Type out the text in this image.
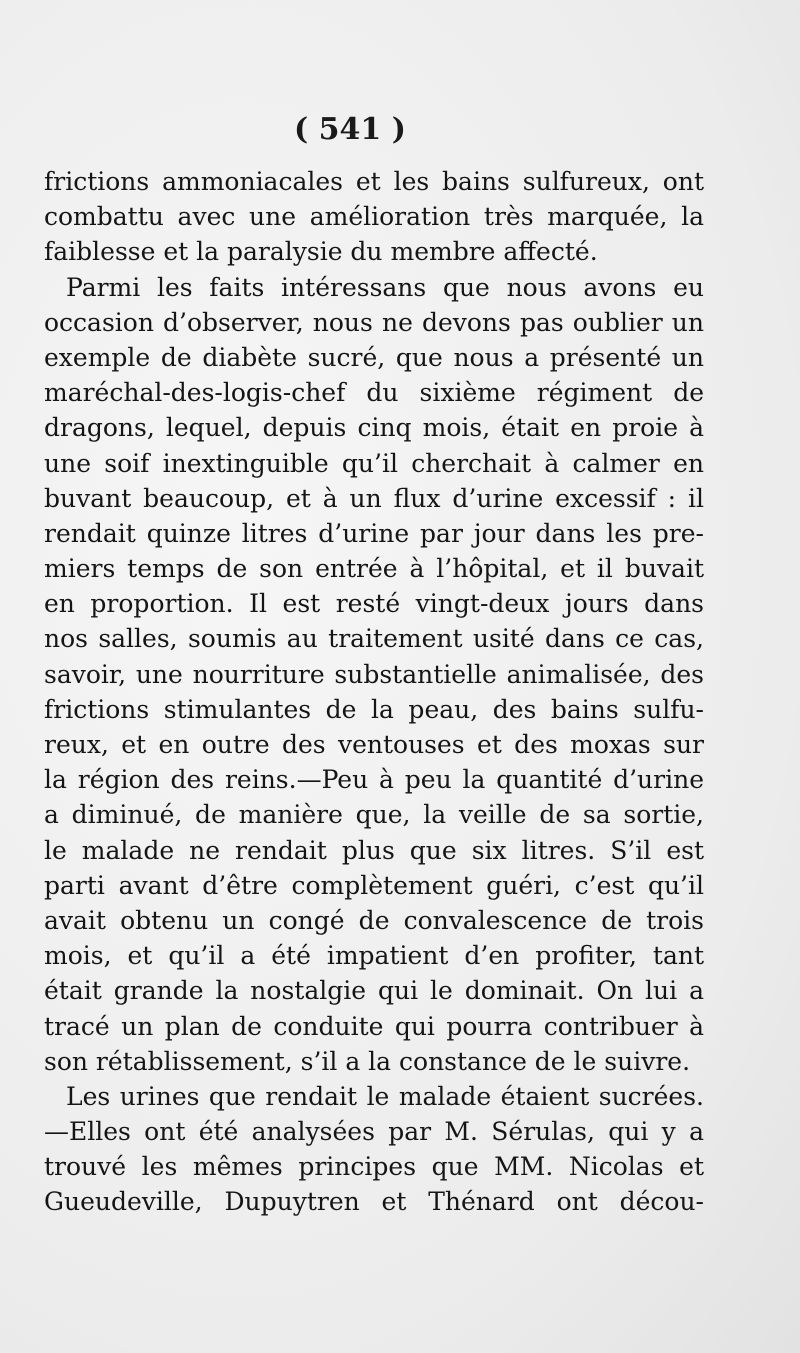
( 541 )
frictions ammoniacales et les bains sulfureux, ont
combattu avec une amélioration très marquée, la
faiblesse et la paralysie du membre affecté.
Parmi les faits intéressans que nous avons eu
occasion d’observer, nous ne devons pas oublier un
exemple de diabète sucré, que nous a présenté un
maréchal-des-logis-chef du sixième régiment de
dragons, lequel, depuis cinq mois, était en proie à
une soif inextinguible qu’il cherchait à calmer en
buvant beaucoup, et à un flux d’urine excessif : il
rendait quinze litres d’urine par jour dans les pre-
miers temps de son entrée à l’hôpital, et il buvait
en proportion. Il est resté vingt-deux jours dans
nos salles, soumis au traitement usité dans ce cas,
savoir, une nourriture substantielle animalisée, des
frictions stimulantes de la peau, des bains sulfu-
reux, et en outre des ventouses et des moxas sur
la région des reins.—Peu à peu la quantité d’urine
a diminué, de manière que, la veille de sa sortie,
le malade ne rendait plus que six litres. S’il est
parti avant d’être complètement guéri, c’est qu’il
avait obtenu un congé de convalescence de trois
mois, et qu’il a été impatient d’en profiter, tant
était grande la nostalgie qui le dominait. On lui a
tracé un plan de conduite qui pourra contribuer à
son rétablissement, s’il a la constance de le suivre.
Les urines que rendait le malade étaient sucrées.
—Elles ont été analysées par M. Sérulas, qui y a
trouvé les mêmes principes que MM. Nicolas et
Gueudeville, Dupuytren et Thénard ont décou-
